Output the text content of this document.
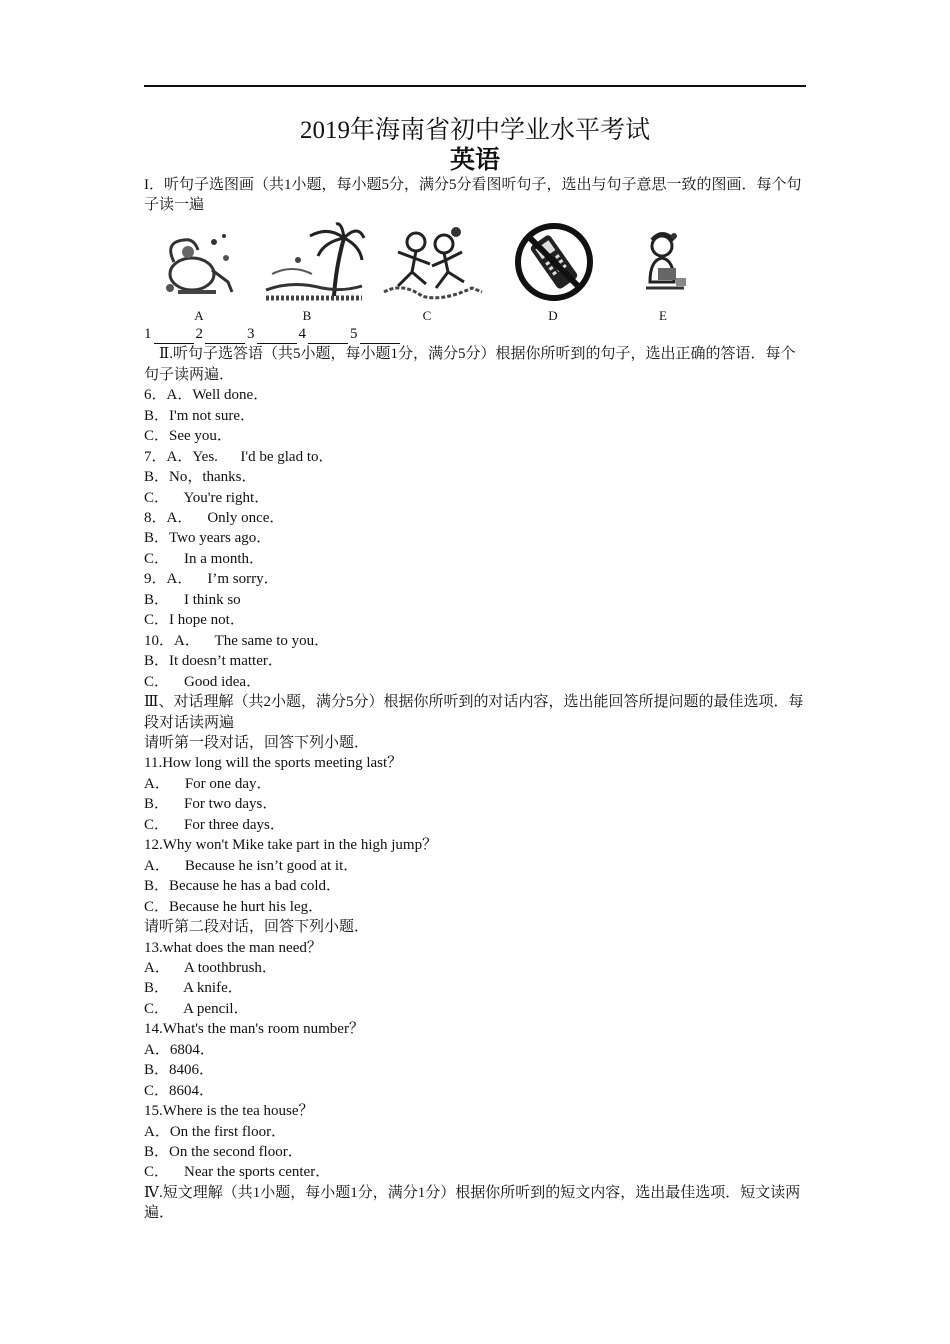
2019年海南省初中学业水平考试
英语

I．听句子选图画（共1小题，每小题5分，满分5分看图听句子，选出与句子意思一致的图画．每个句子读一遍

A	B	C	D	E

1	2	3	4	5

Ⅱ.听句子选答语（共5小题，每小题1分，满分5分）根据你所听到的句子，选出正确的答语．每个句子读两遍．

6．A．Well done．

B．I'm not sure．

C．See you．

7．A．Yes.      I'd be glad to．

B．No，thanks．

C．    You're right．

8．A．    Only once．

B．Two years ago．

C．    In a month．

9．A．    I’m sorry．

B．    I think so

C．I hope not．

10．A．    The same to you．

B．It doesn’t matter．

C．    Good idea．

Ⅲ、对话理解（共2小题，满分5分）根据你所听到的对话内容，选出能回答所提问题的最佳选项．每段对话读两遍

请听第一段对话，回答下列小题．

11.How long will the sports meeting last？

A．    For one day．

B．    For two days．

C．    For three days．

12.Why won't Mike take part in the high jump？

A．    Because he isn’t good at it．

B．Because he has a bad cold．

C．Because he hurt his leg．

请听第二段对话，回答下列小题．

13.what does the man need？

A．    A toothbrush．

B．    A knife．

C．    A pencil．

14.What's the man's room number？

A．6804．

B．8406．

C．8604．

15.Where is the tea house？

A．On the first floor．

B．On the second floor．

C．    Near the sports center．

Ⅳ.短文理解（共1小题，每小题1分，满分1分）根据你所听到的短文内容，选出最佳选项．短文读两遍．
